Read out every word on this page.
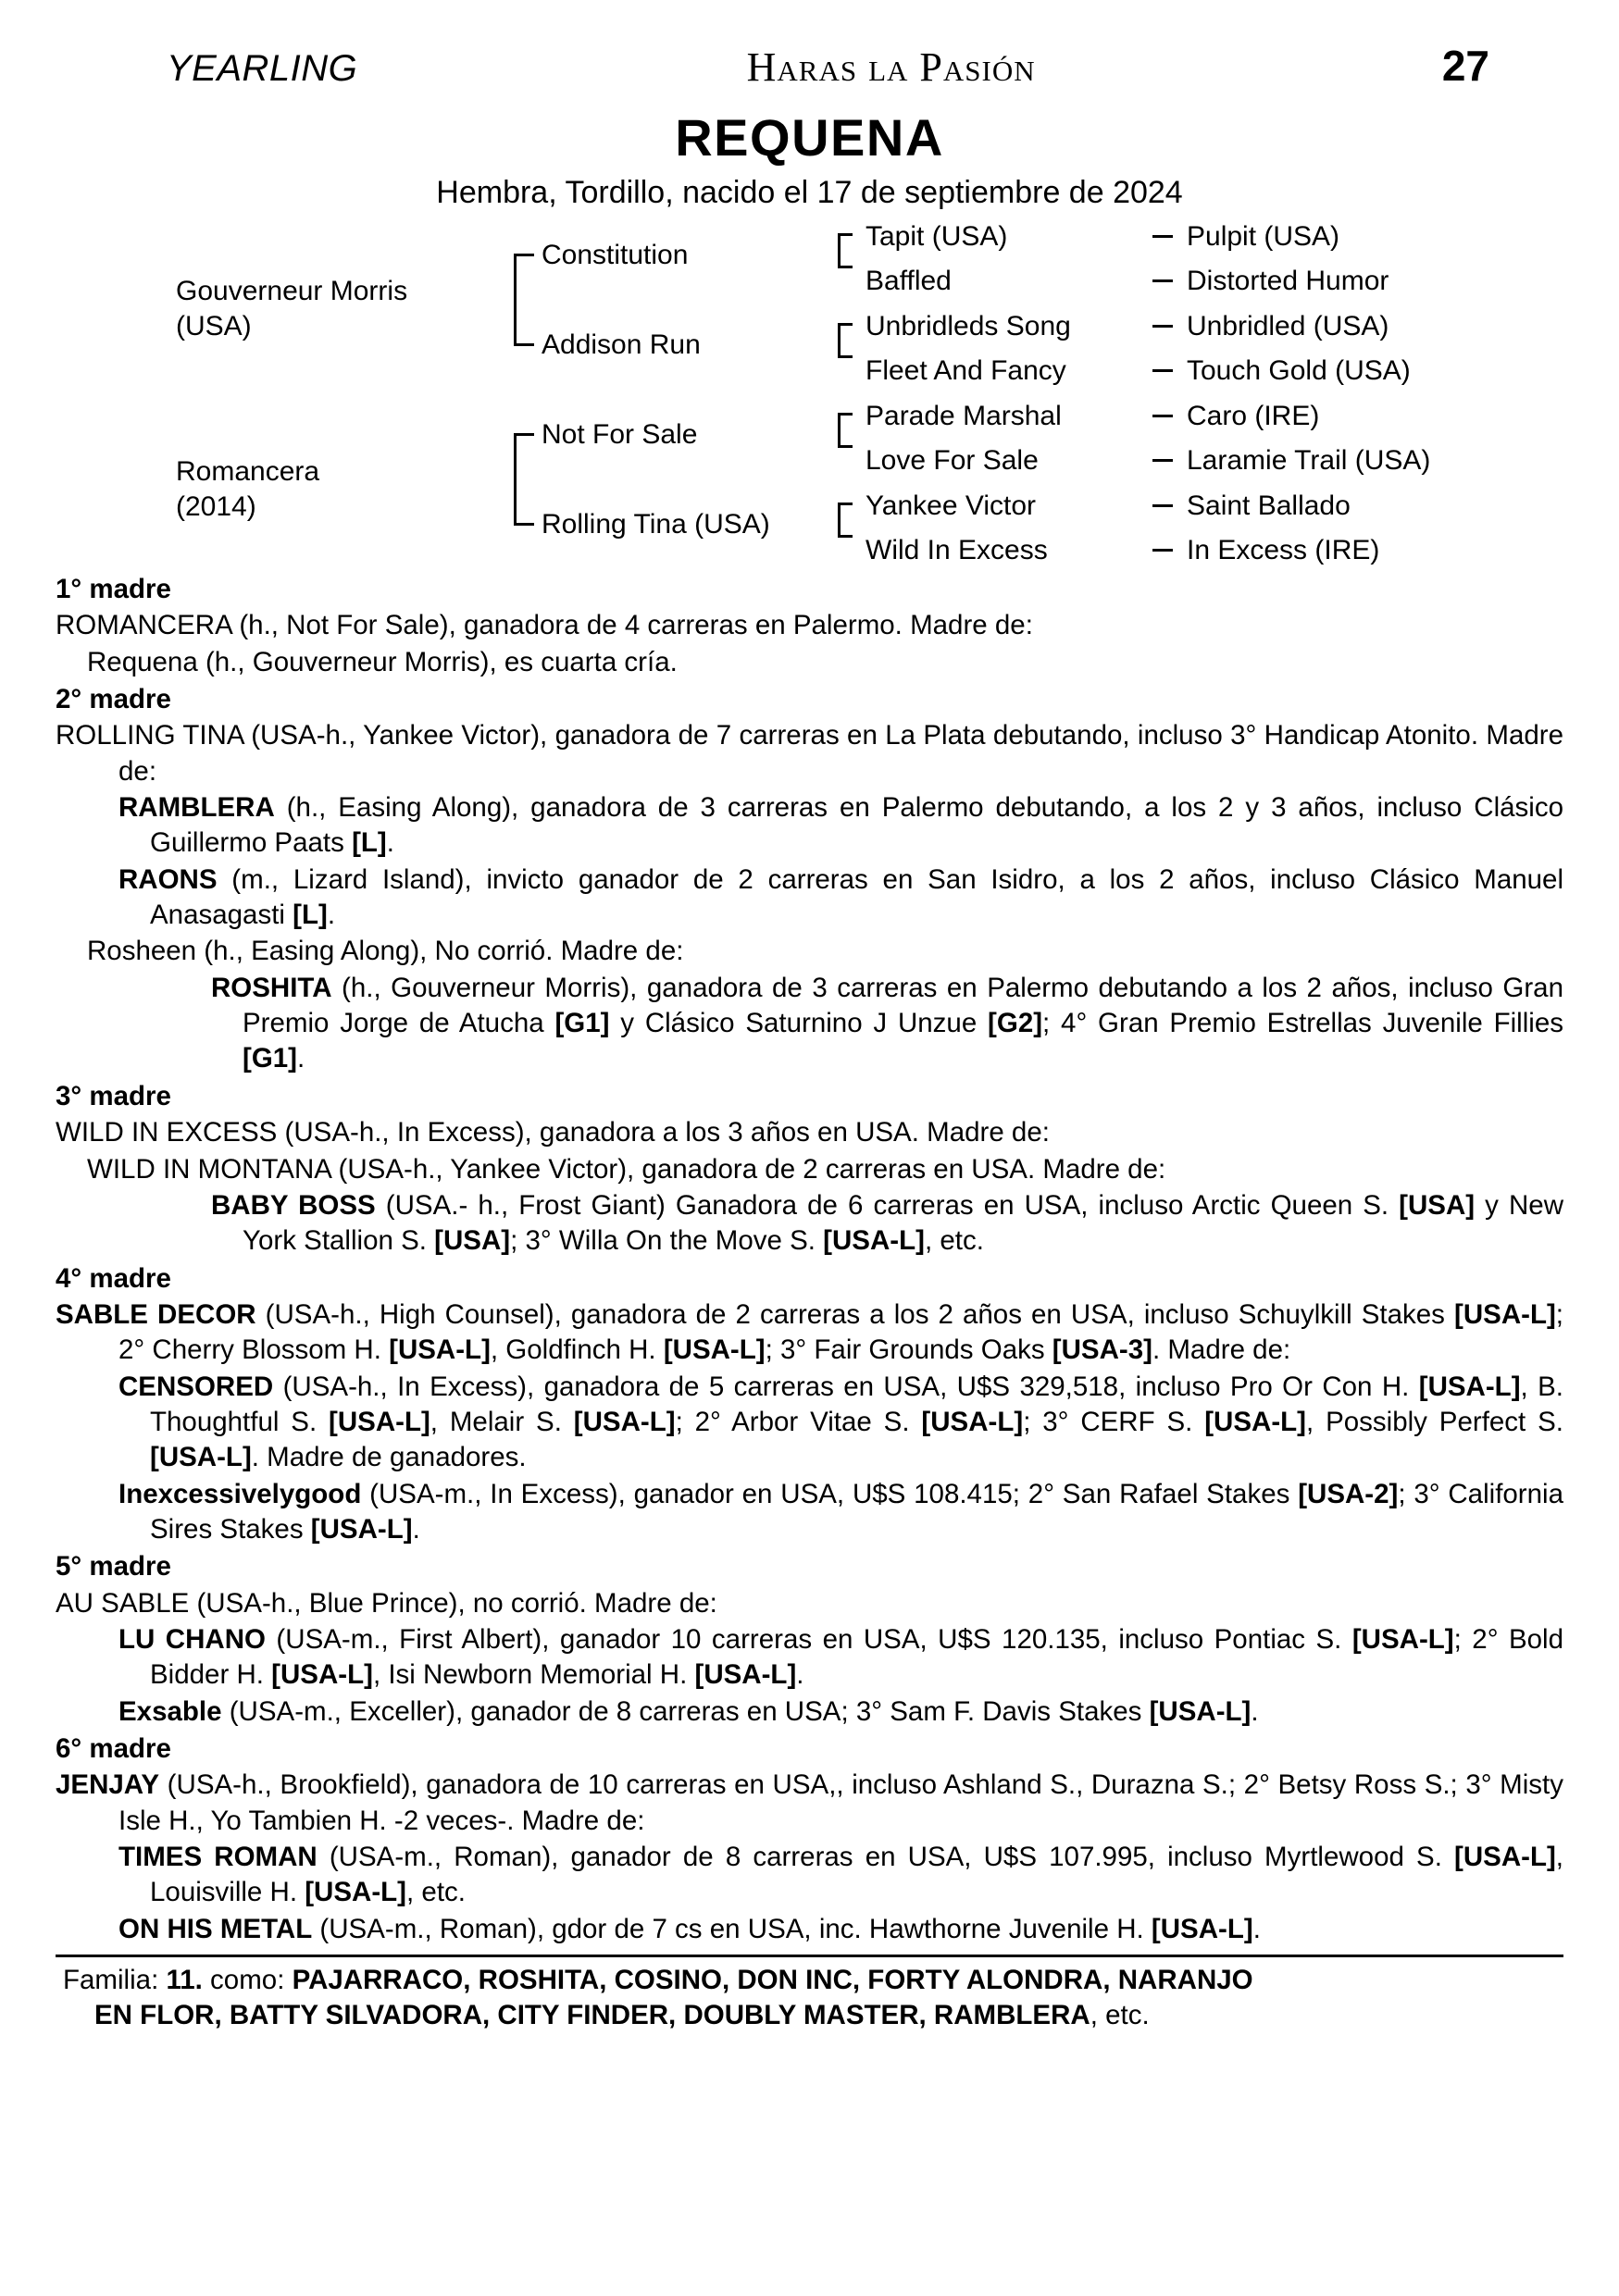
YEARLING	Haras la Pasión	27
REQUENA
Hembra, Tordillo, nacido el 17 de septiembre de 2024
Gouverneur Morris
(USA)
Romancera
(2014)
Constitution
Addison Run
Not For Sale
Rolling Tina (USA)
Tapit (USA)
Baffled
Unbridleds Song
Fleet And Fancy
Parade Marshal
Love For Sale
Yankee Victor
Wild In Excess
Pulpit (USA)
Distorted Humor
Unbridled (USA)
Touch Gold (USA)
Caro (IRE)
Laramie Trail (USA)
Saint Ballado
In Excess (IRE)
1° madre
ROMANCERA (h., Not For Sale), ganadora de 4 carreras en Palermo. Madre de:
Requena (h., Gouverneur Morris), es cuarta cría.
2° madre
ROLLING TINA (USA-h., Yankee Victor), ganadora de 7 carreras en La Plata debutando, incluso 3° Handicap Atonito. Madre de:
RAMBLERA (h., Easing Along), ganadora de 3 carreras en Palermo debutando, a los 2 y 3 años, incluso Clásico Guillermo Paats [L].
RAONS (m., Lizard Island), invicto ganador de 2 carreras en San Isidro, a los 2 años, incluso Clásico Manuel Anasagasti [L].
Rosheen (h., Easing Along), No corrió. Madre de:
ROSHITA (h., Gouverneur Morris), ganadora de 3 carreras en Palermo debutando a los 2 años, incluso Gran Premio Jorge de Atucha [G1] y Clásico Saturnino J Unzue [G2]; 4° Gran Premio Estrellas Juvenile Fillies [G1].
3° madre
WILD IN EXCESS (USA-h., In Excess), ganadora a los 3 años en USA. Madre de:
WILD IN MONTANA (USA-h., Yankee Victor), ganadora de 2 carreras en USA. Madre de:
BABY BOSS (USA.- h., Frost Giant) Ganadora de 6 carreras en USA, incluso Arctic Queen S. [USA] y New York Stallion S. [USA]; 3° Willa On the Move S. [USA-L], etc.
4° madre
SABLE DECOR (USA-h., High Counsel), ganadora de 2 carreras a los 2 años en USA, incluso Schuylkill Stakes [USA-L]; 2° Cherry Blossom H. [USA-L], Goldfinch H. [USA-L]; 3° Fair Grounds Oaks [USA-3]. Madre de:
CENSORED (USA-h., In Excess), ganadora de 5 carreras en USA, U$S 329,518, incluso Pro Or Con H. [USA-L], B. Thoughtful S. [USA-L], Melair S. [USA-L]; 2° Arbor Vitae S. [USA-L]; 3° CERF S. [USA-L], Possibly Perfect S. [USA-L]. Madre de ganadores.
Inexcessivelygood (USA-m., In Excess), ganador en USA, U$S 108.415; 2° San Rafael Stakes [USA-2]; 3° California Sires Stakes [USA-L].
5° madre
AU SABLE (USA-h., Blue Prince), no corrió. Madre de:
LU CHANO (USA-m., First Albert), ganador 10 carreras en USA, U$S 120.135, incluso Pontiac S. [USA-L]; 2° Bold Bidder H. [USA-L], Isi Newborn Memorial H. [USA-L].
Exsable (USA-m., Exceller), ganador de 8 carreras en USA; 3° Sam F. Davis Stakes [USA-L].
6° madre
JENJAY (USA-h., Brookfield), ganadora de 10 carreras en USA,, incluso Ashland S., Durazna S.; 2° Betsy Ross S.; 3° Misty Isle H., Yo Tambien H. -2 veces-. Madre de:
TIMES ROMAN (USA-m., Roman), ganador de 8 carreras en USA, U$S 107.995, incluso Myrtlewood S. [USA-L], Louisville H. [USA-L], etc.
ON HIS METAL (USA-m., Roman), gdor de 7 cs en USA, inc. Hawthorne Juvenile H. [USA-L].
Familia: 11. como: PAJARRACO, ROSHITA, COSINO, DON INC, FORTY ALONDRA, NARANJO
EN FLOR, BATTY SILVADORA, CITY FINDER, DOUBLY MASTER, RAMBLERA, etc.
